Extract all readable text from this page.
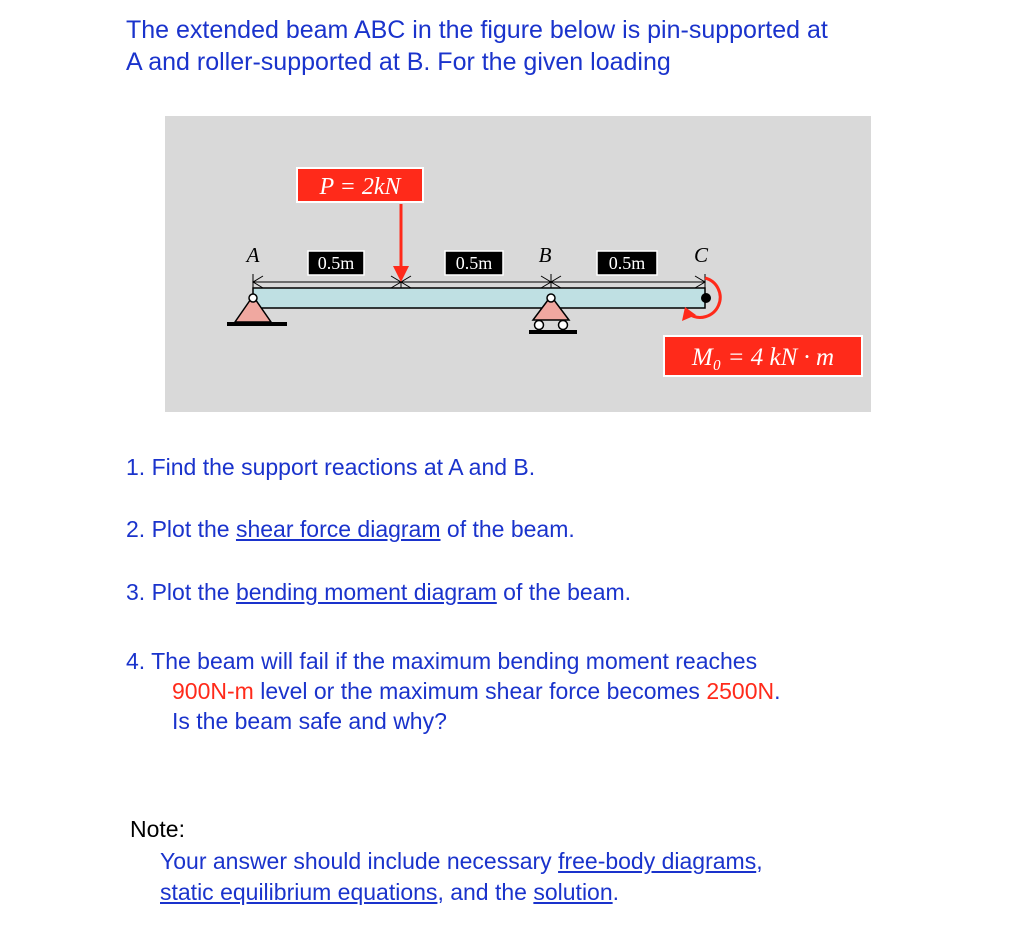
The extended beam ABC in the figure below is pin-supported at
A and roller-supported at B. For the given loading

P = 2kN
A	B	C
0.5m	0.5m	0.5m
M₀ = 4 kN · m

1. Find the support reactions at A and B.

2. Plot the shear force diagram of the beam.

3. Plot the bending moment diagram of the beam.

4. The beam will fail if the maximum bending moment reaches

900N-m level or the maximum shear force becomes 2500N.
Is the beam safe and why?

Note:

Your answer should include necessary free-body diagrams,
static equilibrium equations, and the solution.
